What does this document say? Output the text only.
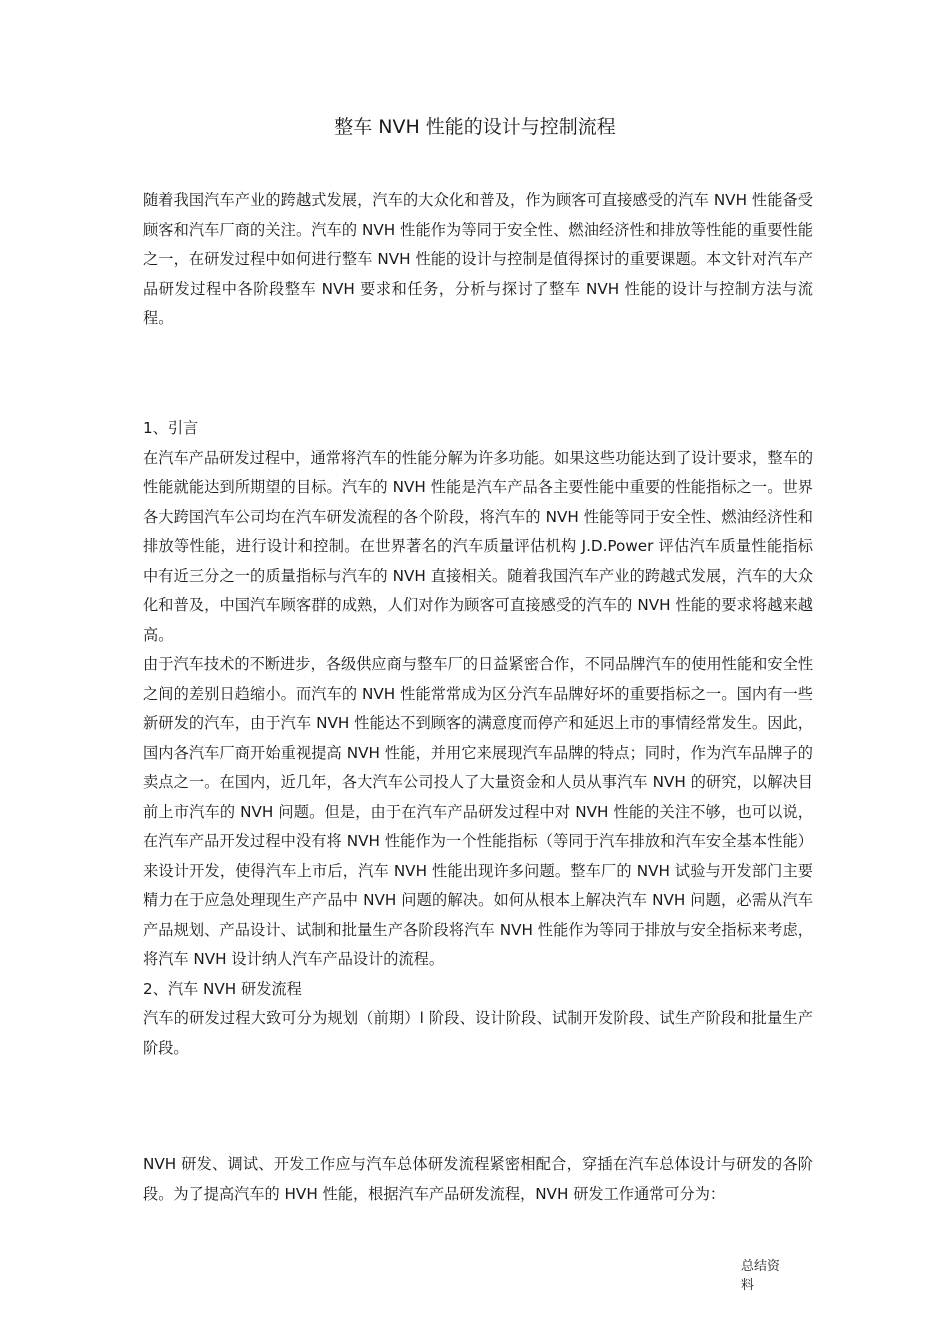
整车 NVH 性能的设计与控制流程

随着我国汽车产业的跨越式发展，汽车的大众化和普及，作为顾客可直接感受的汽车 NVH 性能备受顾客和汽车厂商的关注。汽车的 NVH 性能作为等同于安全性、燃油经济性和排放等性能的重要性能之一，在研发过程中如何进行整车 NVH 性能的设计与控制是值得探讨的重要课题。本文针对汽车产品研发过程中各阶段整车 NVH 要求和任务，分析与探讨了整车 NVH 性能的设计与控制方法与流程。

1、引言

在汽车产品研发过程中，通常将汽车的性能分解为许多功能。如果这些功能达到了设计要求，整车的性能就能达到所期望的目标。汽车的 NVH 性能是汽车产品各主要性能中重要的性能指标之一。世界各大跨国汽车公司均在汽车研发流程的各个阶段，将汽车的 NVH 性能等同于安全性、燃油经济性和排放等性能，进行设计和控制。在世界著名的汽车质量评估机构 J.D.Power 评估汽车质量性能指标中有近三分之一的质量指标与汽车的 NVH 直接相关。随着我国汽车产业的跨越式发展，汽车的大众化和普及，中国汽车顾客群的成熟，人们对作为顾客可直接感受的汽车的 NVH 性能的要求将越来越高。

由于汽车技术的不断进步，各级供应商与整车厂的日益紧密合作，不同品牌汽车的使用性能和安全性之间的差别日趋缩小。而汽车的 NVH 性能常常成为区分汽车品牌好坏的重要指标之一。国内有一些新研发的汽车，由于汽车 NVH 性能达不到顾客的满意度而停产和延迟上市的事情经常发生。因此，国内各汽车厂商开始重视提高 NVH 性能，并用它来展现汽车品牌的特点；同时，作为汽车品牌子的卖点之一。在国内，近几年，各大汽车公司投人了大量资金和人员从事汽车 NVH 的研究，以解决目前上市汽车的 NVH 问题。但是，由于在汽车产品研发过程中对 NVH 性能的关注不够，也可以说，在汽车产品开发过程中没有将 NVH 性能作为一个性能指标（等同于汽车排放和汽车安全基本性能）来设计开发，使得汽车上市后，汽车 NVH 性能出现许多问题。整车厂的 NVH 试验与开发部门主要精力在于应急处理现生产产品中 NVH 问题的解决。如何从根本上解决汽车 NVH 问题，必需从汽车产品规划、产品设计、试制和批量生产各阶段将汽车 NVH 性能作为等同于排放与安全指标来考虑，将汽车 NVH 设计纳人汽车产品设计的流程。

2、汽车 NVH 研发流程

汽车的研发过程大致可分为规划（前期）l 阶段、设计阶段、试制开发阶段、试生产阶段和批量生产阶段。

NVH 研发、调试、开发工作应与汽车总体研发流程紧密相配合，穿插在汽车总体设计与研发的各阶段。为了提高汽车的 HVH 性能，根据汽车产品研发流程，NVH 研发工作通常可分为：

总结资料
